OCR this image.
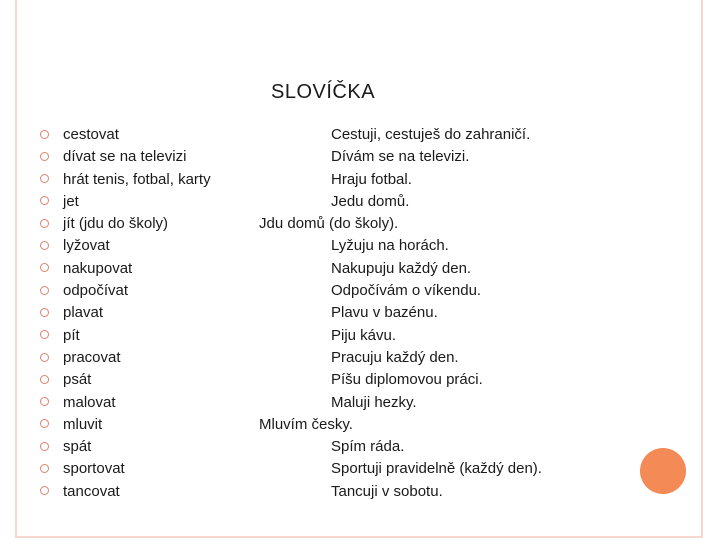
SLOVÍČKA
cestovat
dívat se na televizi
hrát tenis, fotbal, karty
jet
jít (jdu do školy)
lyžovat
nakupovat
odpočívat
plavat
pít
pracovat
psát
malovat
mluvit
spát
sportovat
tancovat
Cestuji, cestuješ do zahraničí.
Dívám se na televizi.
Hraju fotbal.
Jedu domů.
Jdu domů (do školy).
Lyžuju na horách.
Nakupuju každý den.
Odpočívám o víkendu.
Plavu v bazénu.
Piju kávu.
Pracuju každý den.
Píšu diplomovou práci.
Maluji hezky.
Mluvím česky.
Spím ráda.
Sportuji pravidelně (každý den).
Tancuji v sobotu.
